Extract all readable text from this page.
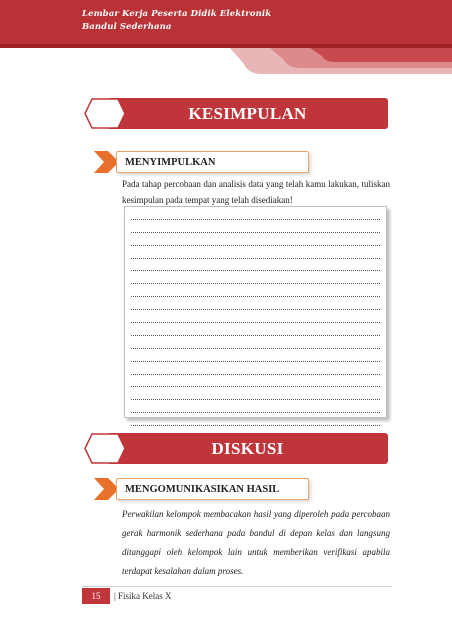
Lembar Kerja Peserta Didik Elektronik
Bandul Sederhana
KESIMPULAN
MENYIMPULKAN
Pada tahap percobaan dan analisis data yang telah kamu lakukan, tuliskan kesimpulan pada tempat yang telah disediakan!
DISKUSI
MENGOMUNIKASIKAN HASIL
Perwakilan kelompok membacakan hasil yang diperoleh pada percobaan gerak harmonik sederhana pada bandul di depan kelas dan langsung ditanggapi oleh kelompok lain untuk memberikan verifikasi apabila terdapat kesalahan dalam proses.
15	| Fisika Kelas X
